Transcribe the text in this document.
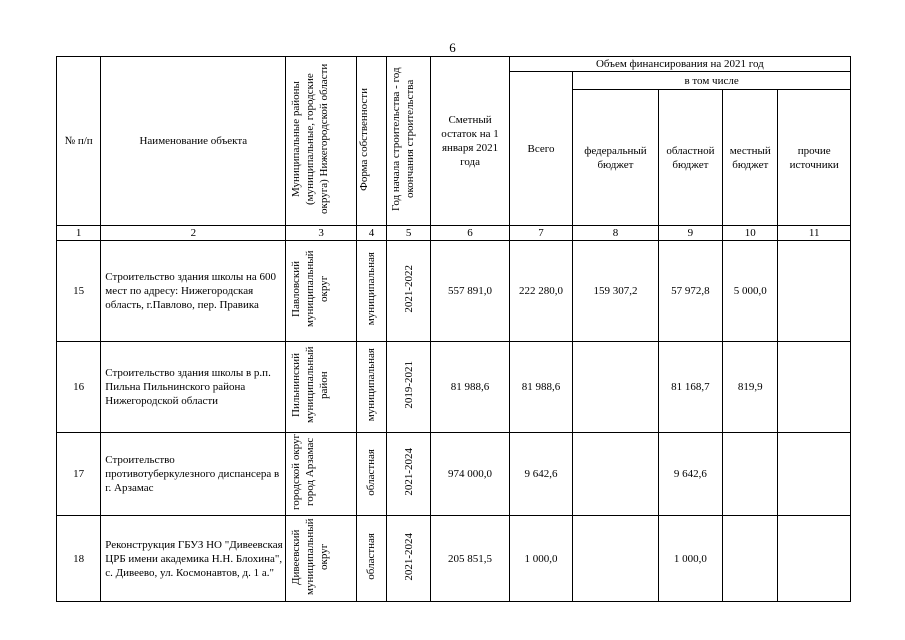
6
№ п/п	Наименование объекта	Муниципальные районы (муниципальные, городские округа) Нижегородской области	Форма собственности	Год начала строительства - год окончания строительства	Сметный остаток на 1 января 2021 года	Объем финансирования на 2021 год				
						Всего	в том числе			
							федеральный бюджет	областной бюджет	местный бюджет	прочие источники
1	2	3	4	5	6	7	8	9	10	11
15	Строительство здания школы на 600 мест по адресу: Нижегородская область, г.Павлово, пер. Правика	Павловский муниципальный округ	муниципальная	2021-2022	557 891,0	222 280,0	159 307,2	57 972,8	5 000,0	
16	Строительство здания школы в р.п. Пильна Пильнинского района Нижегородской области	Пильнинский муниципальный район	муниципальная	2019-2021	81 988,6	81 988,6		81 168,7	819,9	
17	Строительство противотуберкулезного диспансера в г. Арзамас	городской округ город Арзамас	областная	2021-2024	974 000,0	9 642,6		9 642,6		
18	Реконструкция ГБУЗ НО "Дивеевская ЦРБ имени академика Н.Н. Блохина", с. Дивеево, ул. Космонавтов, д. 1 а."	Дивеевский муниципальный округ	областная	2021-2024	205 851,5	1 000,0		1 000,0		
